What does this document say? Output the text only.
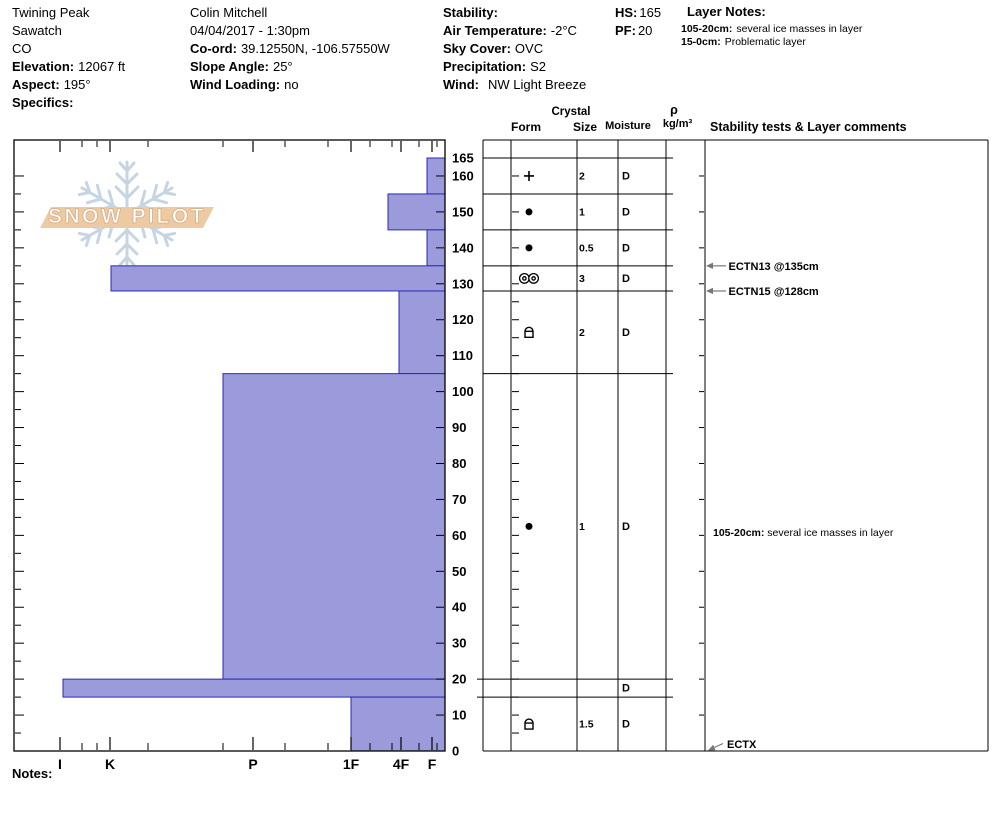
SNOW PILOT
I	K	P	1F 4F F
165
160
150
140
130
120
110
100
90
80
70
60
50
40
30
20
10
0
2	D
1	D
0.5	D
3	D
2	D
1	D
D
1.5	D
ECTN13 @135cm
ECTN15 @128cm
ECTX
105-20cm: several ice masses in layer
Twining Peak
Sawatch
CO
Elevation: 12067 ft
Aspect: 195°
Specifics:
Colin Mitchell
04/04/2017 - 1:30pm
Co-ord: 39.12550N, -106.57550W
Slope Angle: 25°
Wind Loading: no
Stability:
Air Temperature: -2°C
Sky Cover: OVC
Precipitation: S2
Wind: NW Light Breeze
HS: 165
PF: 20
Layer Notes:
105-20cm: several ice masses in layer
15-0cm: Problematic layer
Crystal
Form	Size Moisture
ρ
kg/m³	Stability tests & Layer comments
Notes:
